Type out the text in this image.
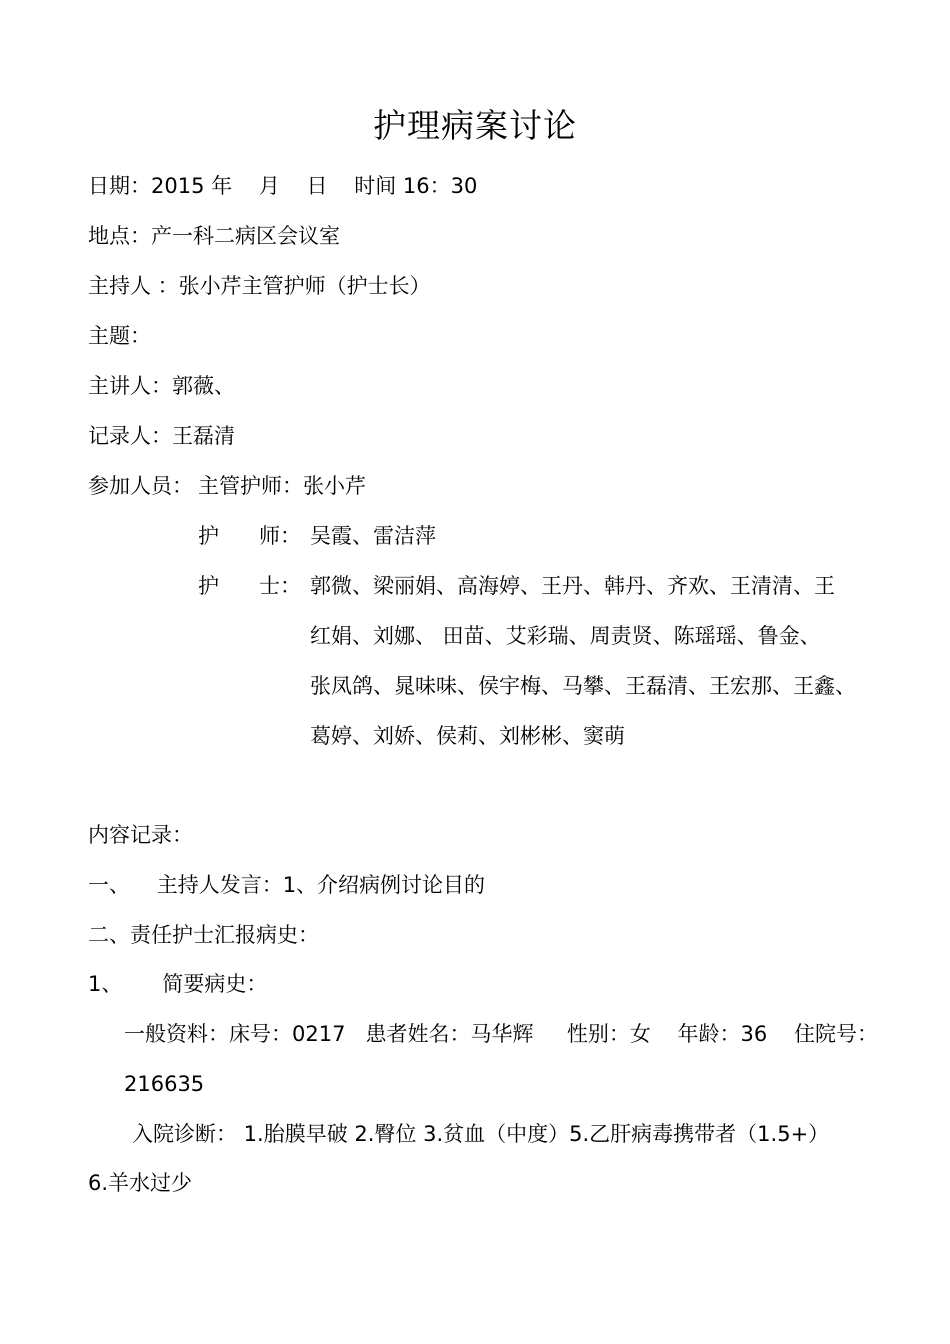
护理病案讨论
日期：2015 年    月    日    时间 16：30
地点：产一科二病区会议室
主持人 ：张小芹主管护师（护士长）
主题：
主讲人：郭薇、
记录人：王磊清
参加人员： 主管护师：张小芹
护      师： 吴霞、雷洁萍
护      士： 郭微、梁丽娟、高海婷、王丹、韩丹、齐欢、王清清、王
红娟、刘娜、 田苗、艾彩瑞、周责贤、陈瑶瑶、鲁金、
张凤鸽、晁味味、侯宇梅、马攀、王磊清、王宏那、王鑫、
葛婷、刘娇、侯莉、刘彬彬、窦萌
内容记录：
一、    主持人发言：1、介绍病例讨论目的
二、责任护士汇报病史：
1、      简要病史：
一般资料：床号：0217   患者姓名：马华辉     性别：女    年龄：36    住院号：
216635
入院诊断： 1.胎膜早破 2.臀位 3.贫血（中度）5.乙肝病毒携带者（1.5+）
6.羊水过少
